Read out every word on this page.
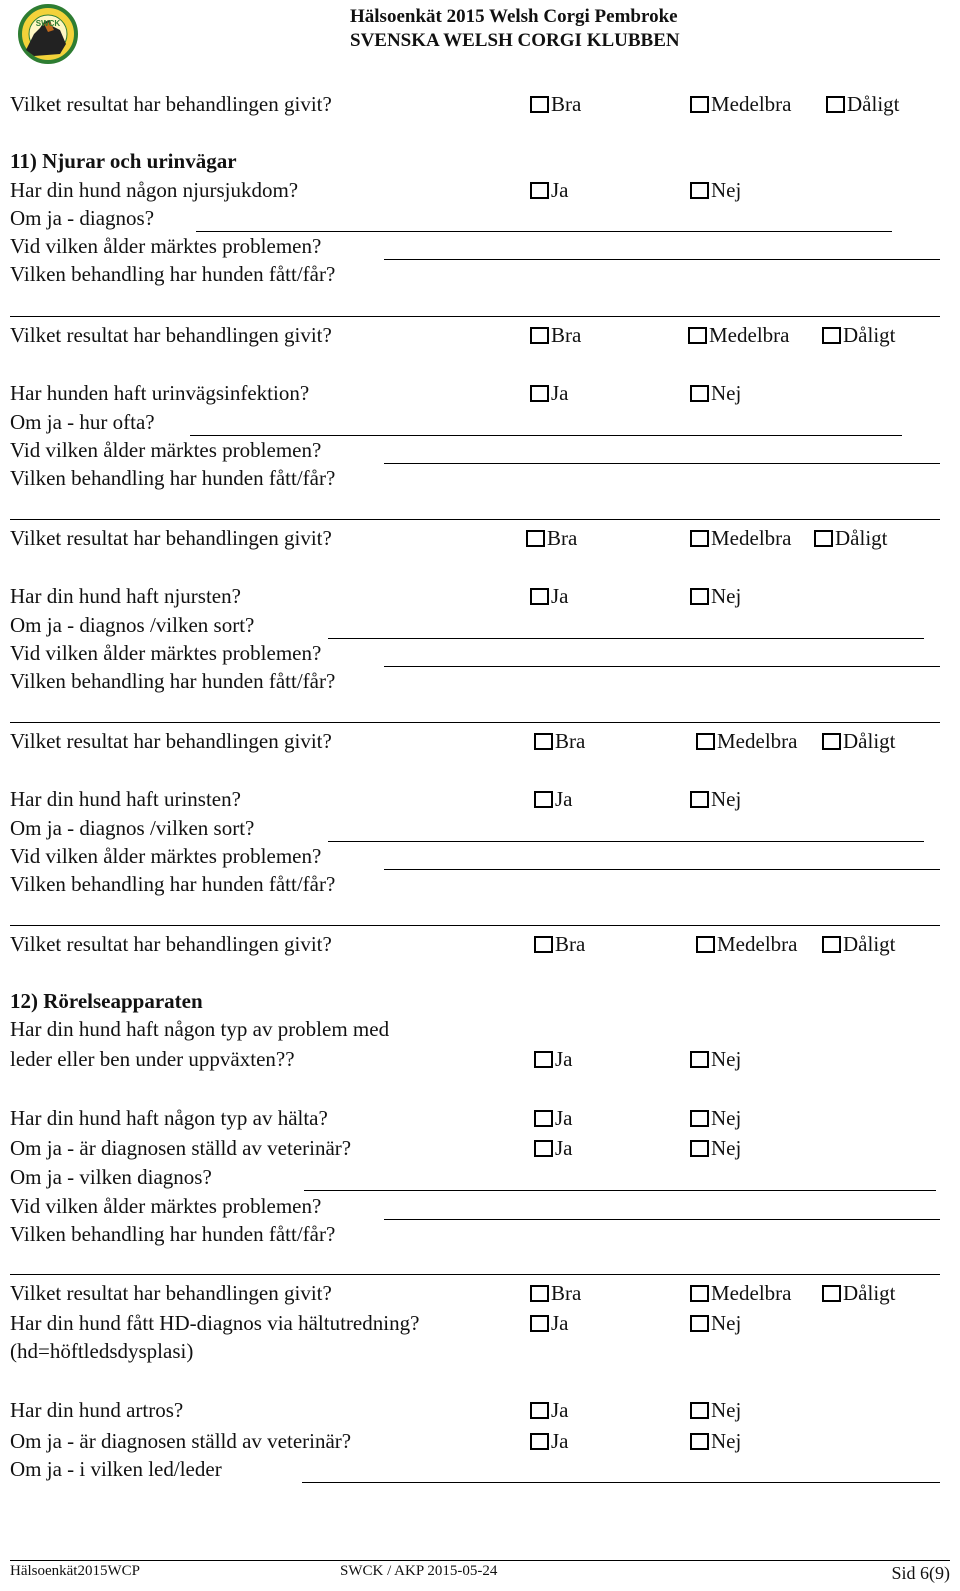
SWCK	Hälsoenkät 2015 Welsh Corgi Pembroke
SVENSKA WELSH CORGI KLUBBEN
Vilket resultat har behandlingen givit?	Bra	Medelbra	Dåligt
11) Njurar och urinvägar
Har din hund någon njursjukdom?	Ja	Nej
Om ja - diagnos?
Vid vilken ålder märktes problemen?
Vilken behandling har hunden fått/får?
Vilket resultat har behandlingen givit?	Bra	Medelbra	Dåligt
Har hunden haft urinvägsinfektion?	Ja	Nej
Om ja - hur ofta?
Vid vilken ålder märktes problemen?
Vilken behandling har hunden fått/får?
Vilket resultat har behandlingen givit?	Bra	Medelbra Dåligt
Har din hund haft njursten?	Ja	Nej
Om ja - diagnos /vilken sort?
Vid vilken ålder märktes problemen?
Vilken behandling har hunden fått/får?
Vilket resultat har behandlingen givit?	Bra	Medelbra Dåligt
Har din hund haft urinsten?	Ja	Nej
Om ja - diagnos /vilken sort?
Vid vilken ålder märktes problemen?
Vilken behandling har hunden fått/får?
Vilket resultat har behandlingen givit?	Bra	Medelbra Dåligt
12) Rörelseapparaten
Har din hund haft någon typ av problem med
leder eller ben under uppväxten??	Ja	Nej
Har din hund haft någon typ av hälta?	Ja	Nej
Om ja - är diagnosen ställd av veterinär?	Ja	Nej
Om ja - vilken diagnos?
Vid vilken ålder märktes problemen?
Vilken behandling har hunden fått/får?
Vilket resultat har behandlingen givit?	Bra	Medelbra Dåligt
Har din hund fått HD-diagnos via hältutredning?	Ja	Nej
(hd=höftledsdysplasi)
Har din hund artros?	Ja	Nej
Om ja - är diagnosen ställd av veterinär?	Ja	Nej
Om ja - i vilken led/leder
Hälsoenkät2015WCP	SWCK / AKP 2015-05-24	Sid 6(9)
